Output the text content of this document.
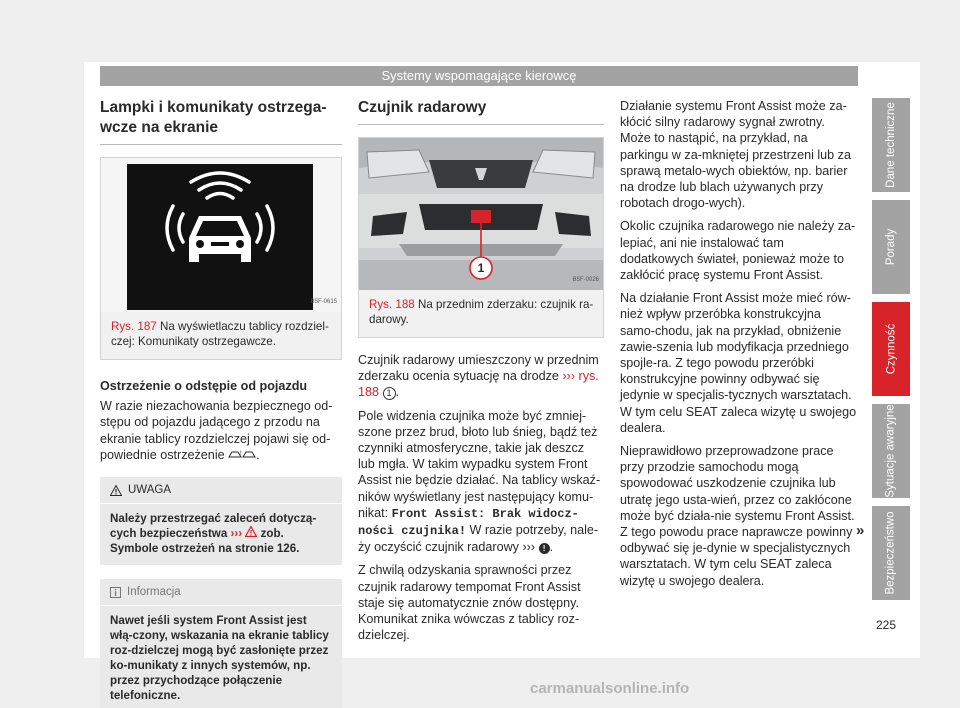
Systemy wspomagające kierowcę
Lampki i komunikaty ostrzega-wcze na ekranie
B5F-0615
Rys. 187 Na wyświetlaczu tablicy rozdziel-czej: Komunikaty ostrzegawcze.
Ostrzeżenie o odstępie od pojazdu

W razie niezachowania bezpiecznego od-stępu od pojazdu jadącego z przodu na ekranie tablicy rozdzielczej pojawi się od-powiednie ostrzeżenie	! .

UWAGA
Należy przestrzegać zaleceń dotyczą-cych bezpieczeństwa ››› zob. Symbole ostrzeżeń na stronie 126.
Informacja
Nawet jeśli system Front Assist jest włą-czony, wskazania na ekranie tablicy roz-dzielczej mogą być zasłonięte przez ko-munikaty z innych systemów, np. przez przychodzące połączenie telefoniczne.
Czujnik radarowy
1
B5F-0026
Rys. 188 Na przednim zderzaku: czujnik ra-darowy.

Czujnik radarowy umieszczony w przednim zderzaku ocenia sytuację na drodze ››› rys. 188 1 .

Pole widzenia czujnika może być zmniej-szone przez brud, błoto lub śnieg, bądź też czynniki atmosferyczne, takie jak deszcz lub mgła. W takim wypadku system Front Assist nie będzie działać. Na tablicy wskaź-ników wyświetlany jest następujący komu-nikat: Front Assist: Brak widocz-ności czujnika! W razie potrzeby, nale-ży oczyścić czujnik radarowy ››› ! .

Z chwilą odzyskania sprawności przez czujnik radarowy tempomat Front Assist staje się automatycznie znów dostępny. Komunikat znika wówczas z tablicy roz-dzielczej.

Działanie systemu Front Assist może za-kłócić silny radarowy sygnał zwrotny. Może to nastąpić, na przykład, na parkingu w za-mkniętej przestrzeni lub za sprawą metalo-wych obiektów, np. barier na drodze lub blach używanych przy robotach drogo-wych).

Okolic czujnika radarowego nie należy za-lepiać, ani nie instalować tam dodatkowych świateł, ponieważ może to zakłócić pracę systemu Front Assist.

Na działanie Front Assist może mieć rów-nież wpływ przeróbka konstrukcyjna samo-chodu, jak na przykład, obniżenie zawie-szenia lub modyfikacja przedniego spojle-ra. Z tego powodu przeróbki konstrukcyjne powinny odbywać się jedynie w specjalis-tycznych warsztatach. W tym celu SEAT zaleca wizytę u swojego dealera.

Nieprawidłowo przeprowadzone prace przy przodzie samochodu mogą spowodować uszkodzenie czujnika lub utratę jego usta-wień, przez co zakłócone może być działa-nie systemu Front Assist. Z tego powodu prace naprawcze powinny odbywać się je-dynie w specjalistycznych warsztatach. W tym celu SEAT zaleca wizytę u swojego dealera.

»
Dane techniczne
Porady
Czynność
Sytuacje awaryjne
Bezpieczeństwo
225
carmanualsonline.info
